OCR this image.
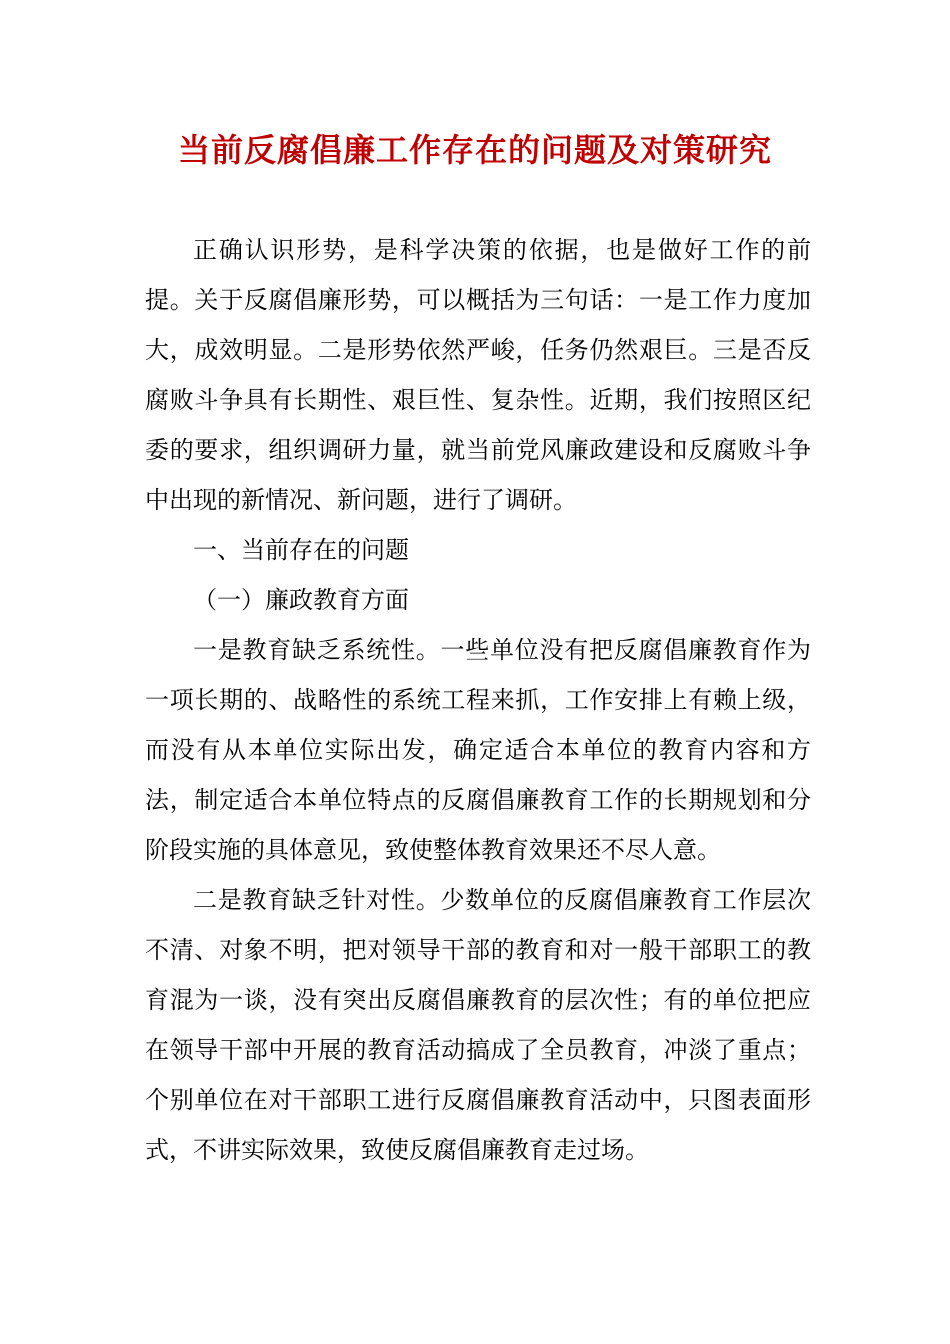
当前反腐倡廉工作存在的问题及对策研究

正确认识形势，是科学决策的依据，也是做好工作的前提。关于反腐倡廉形势，可以概括为三句话：一是工作力度加大，成效明显。二是形势依然严峻，任务仍然艰巨。三是否反腐败斗争具有长期性、艰巨性、复杂性。近期，我们按照区纪委的要求，组织调研力量，就当前党风廉政建设和反腐败斗争中出现的新情况、新问题，进行了调研。

一、当前存在的问题

（一）廉政教育方面

一是教育缺乏系统性。一些单位没有把反腐倡廉教育作为一项长期的、战略性的系统工程来抓，工作安排上有赖上级，而没有从本单位实际出发，确定适合本单位的教育内容和方法，制定适合本单位特点的反腐倡廉教育工作的长期规划和分阶段实施的具体意见，致使整体教育效果还不尽人意。

二是教育缺乏针对性。少数单位的反腐倡廉教育工作层次不清、对象不明，把对领导干部的教育和对一般干部职工的教育混为一谈，没有突出反腐倡廉教育的层次性；有的单位把应在领导干部中开展的教育活动搞成了全员教育，冲淡了重点；个别单位在对干部职工进行反腐倡廉教育活动中，只图表面形式，不讲实际效果，致使反腐倡廉教育走过场。
